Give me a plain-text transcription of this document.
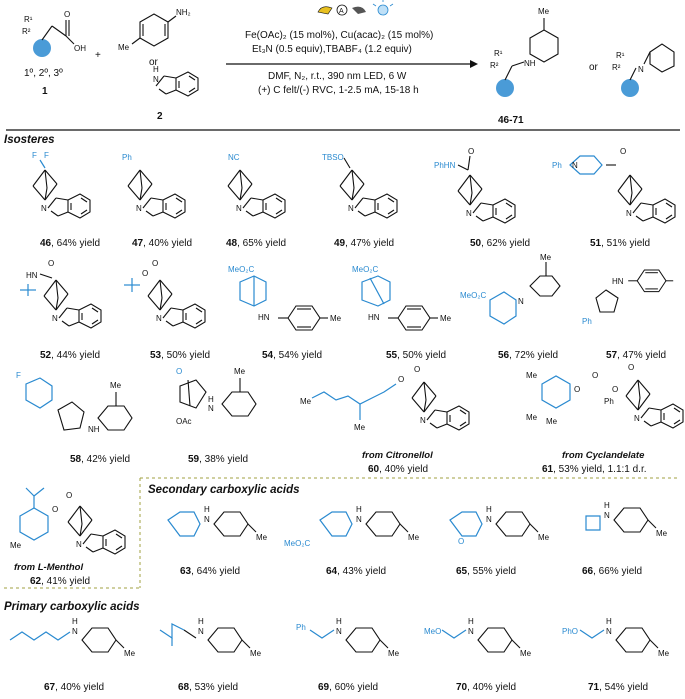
R¹
R²
O
OH
1º, 2º, 3º
1
+
NH₂
Me
or
H
N
2
A
Fe(OAc)₂ (15 mol%), Cu(acac)₂ (15 mol%)
Et₃N (0.5 equiv),TBABF₄ (1.2 equiv)
DMF, N₂, r.t., 390 nm LED, 6 W
(+) C felt/(-) RVC, 1-2.5 mA, 15-18 h
R¹
R²	NH
Me
or
R¹
R² N
46-71
Isosteres
F F
N
Ph
N
NC
N
TBSO
N
PhHN
O
N
Ph N
O
N
46, 64% yield	47, 40% yield	48, 65% yield	49, 47% yield	50, 62% yield	51, 51% yield
HN
O
N
O
O
N
MeO₂C
HN	Me
MeO₂C
HN	Me
MeO₂C
N
Me
HN
Ph
52, 44% yield	53, 50% yield	54, 54% yield	55, 50% yield	56, 72% yield	57, 47% yield
F
NH
Me
O
OAc
H
N
Me
Me
Me
O
O
N
Me
Me Me
O
O
O
Ph
O
N
58, 42% yield	59, 38% yield	from Citronellol
60, 40% yield
from Cyclandelate
61, 53% yield, 1.1:1 d.r.
Me
O
O
N
from L-Menthol
62, 41% yield
Secondary carboxylic acids
H
N
Me
MeO₂C
H
N
Me	O
H
N
Me
H
N
Me
63, 64% yield	64, 43% yield	65, 55% yield	66, 66% yield
Primary carboxylic acids
H
N
Me
H
N
Me
Ph
H
N
Me
MeO
H
N
Me
PhO
H
N
Me
67, 40% yield	68, 53% yield	69, 60% yield	70, 40% yield	71, 54% yield
